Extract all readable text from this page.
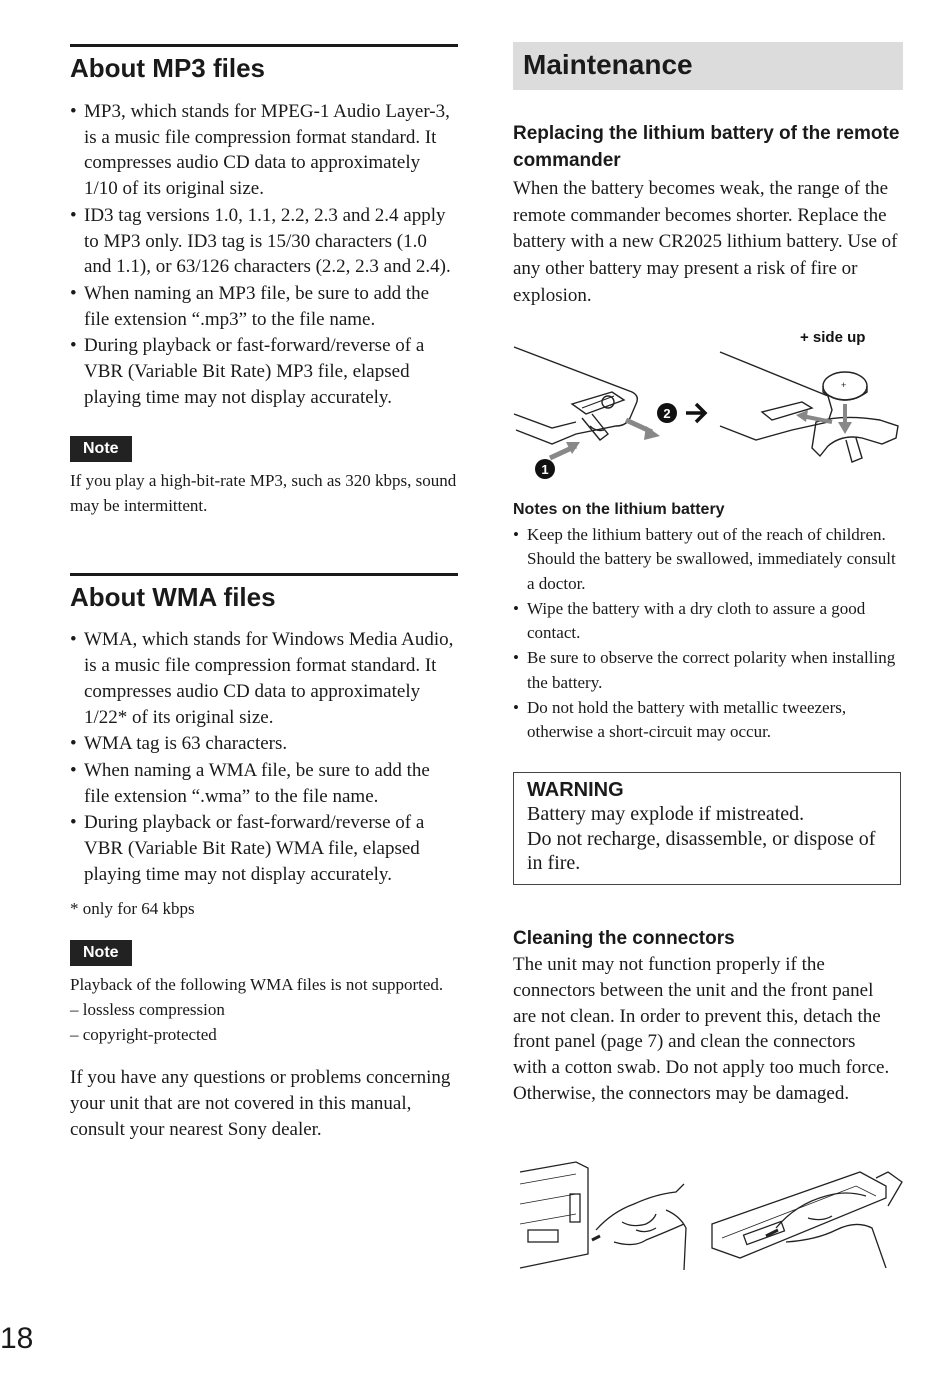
About MP3 files
• MP3, which stands for MPEG-1 Audio Layer-3, is a music file compression format standard. It compresses audio CD data to approximately 1/10 of its original size.
• ID3 tag versions 1.0, 1.1, 2.2, 2.3 and 2.4 apply to MP3 only. ID3 tag is 15/30 characters (1.0 and 1.1), or 63/126 characters (2.2, 2.3 and 2.4).
• When naming an MP3 file, be sure to add the file extension “.mp3” to the file name.
• During playback or fast-forward/reverse of a VBR (Variable Bit Rate) MP3 file, elapsed playing time may not display accurately.
Note

If you play a high-bit-rate MP3, such as 320 kbps, sound may be intermittent.

About WMA files
• WMA, which stands for Windows Media Audio, is a music file compression format standard. It compresses audio CD data to approximately 1/22* of its original size.
• WMA tag is 63 characters.
• When naming a WMA file, be sure to add the file extension “.wma” to the file name.
• During playback or fast-forward/reverse of a VBR (Variable Bit Rate) WMA file, elapsed playing time may not display accurately.

* only for 64 kbps

Note

Playback of the following WMA files is not supported.

– lossless compression

– copyright-protected

If you have any questions or problems concerning your unit that are not covered in this manual, consult your nearest Sony dealer.

Maintenance
Replacing the lithium battery of the remote commander

When the battery becomes weak, the range of the remote commander becomes shorter. Replace the battery with a new CR2025 lithium battery. Use of any other battery may present a risk of fire or explosion.

+
1
2
+ side up
Notes on the lithium battery
• Keep the lithium battery out of the reach of children. Should the battery be swallowed, immediately consult a doctor.
• Wipe the battery with a dry cloth to assure a good contact.
• Be sure to observe the correct polarity when installing the battery.
• Do not hold the battery with metallic tweezers, otherwise a short-circuit may occur.
WARNING

Battery may explode if mistreated.

Do not recharge, disassemble, or dispose of in fire.

Cleaning the connectors

The unit may not function properly if the connectors between the unit and the front panel are not clean. In order to prevent this, detach the front panel (page 7) and clean the connectors with a cotton swab. Do not apply too much force. Otherwise, the connectors may be damaged.

18
